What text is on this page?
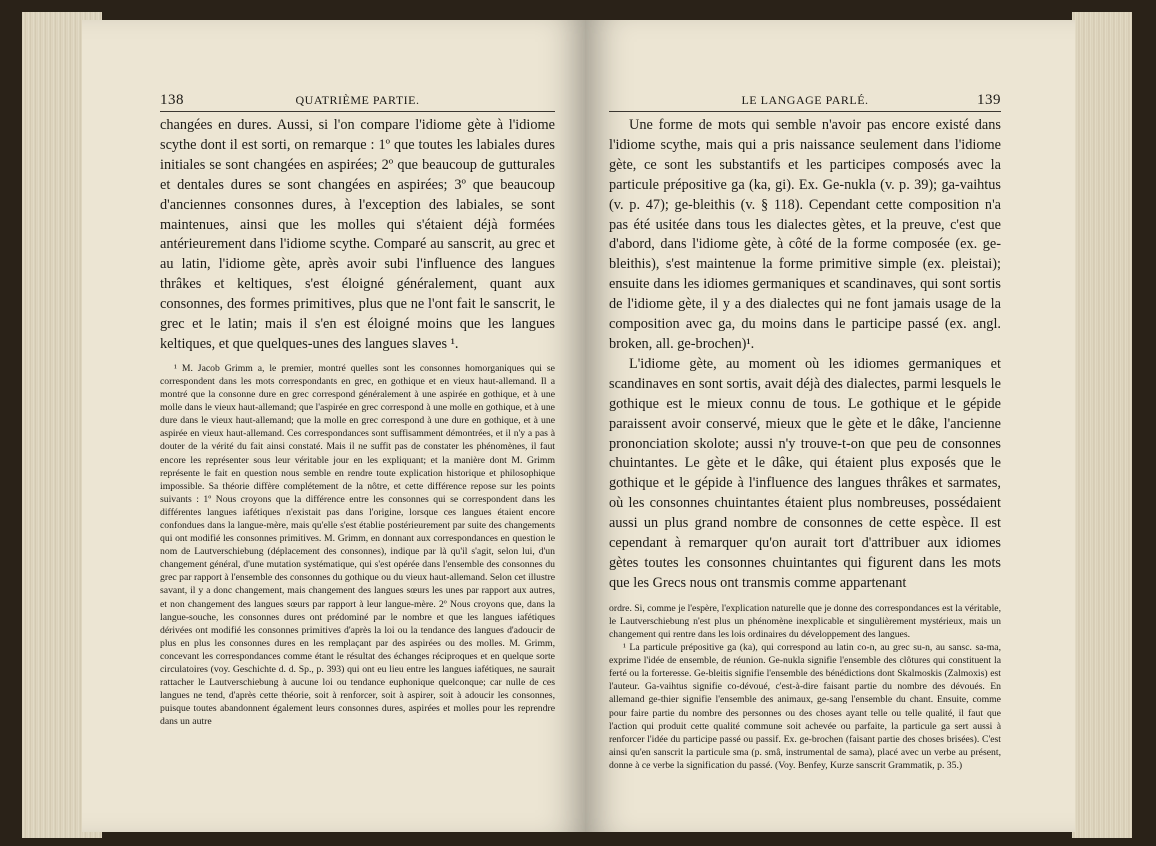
138	QUATRIÈME PARTIE.

changées en dures. Aussi, si l'on compare l'idiome gète à l'idiome scythe dont il est sorti, on remarque : 1º que toutes les labiales dures initiales se sont changées en aspirées; 2º que beaucoup de gutturales et dentales dures se sont changées en aspirées; 3º que beaucoup d'anciennes consonnes dures, à l'exception des labiales, se sont maintenues, ainsi que les molles qui s'étaient déjà formées antérieurement dans l'idiome scythe. Comparé au sanscrit, au grec et au latin, l'idiome gète, après avoir subi l'influence des langues thrâkes et keltiques, s'est éloigné généralement, quant aux consonnes, des formes primitives, plus que ne l'ont fait le sanscrit, le grec et le latin; mais il s'en est éloigné moins que les langues keltiques, et que quelques-unes des langues slaves ¹.

¹ M. Jacob Grimm a, le premier, montré quelles sont les consonnes homorganiques qui se correspondent dans les mots correspondants en grec, en gothique et en vieux haut-allemand. Il a montré que la consonne dure en grec correspond généralement à une aspirée en gothique, et à une molle dans le vieux haut-allemand; que l'aspirée en grec correspond à une molle en gothique, et à une dure dans le vieux haut-allemand; que la molle en grec correspond à une dure en gothique, et à une aspirée en vieux haut-allemand. Ces correspondances sont suffisamment démontrées, et il n'y a pas à douter de la vérité du fait ainsi constaté. Mais il ne suffit pas de constater les phénomènes, il faut encore les représenter sous leur véritable jour en les expliquant; et la manière dont M. Grimm représente le fait en question nous semble en rendre toute explication historique et philosophique impossible. Sa théorie diffère complétement de la nôtre, et cette différence repose sur les points suivants : 1º Nous croyons que la différence entre les consonnes qui se correspondent dans les différentes langues iafétiques n'existait pas dans l'origine, lorsque ces langues étaient encore confondues dans la langue-mère, mais qu'elle s'est établie postérieurement par suite des changements qui ont modifié les consonnes primitives. M. Grimm, en donnant aux correspondances en question le nom de Lautverschiebung (déplacement des consonnes), indique par là qu'il s'agit, selon lui, d'un changement général, d'une mutation systématique, qui s'est opérée dans l'ensemble des consonnes du grec par rapport à l'ensemble des consonnes du gothique ou du vieux haut-allemand. Selon cet illustre savant, il y a donc changement, mais changement des langues sœurs les unes par rapport aux autres, et non changement des langues sœurs par rapport à leur langue-mère. 2º Nous croyons que, dans la langue-souche, les consonnes dures ont prédominé par le nombre et que les langues iafétiques dérivées ont modifié les consonnes primitives d'après la loi ou la tendance des langues d'adoucir de plus en plus les consonnes dures en les remplaçant par des aspirées ou des molles. M. Grimm, concevant les correspondances comme étant le résultat des échanges réciproques et en quelque sorte circulatoires (voy. Geschichte d. d. Sp., p. 393) qui ont eu lieu entre les langues iafétiques, ne saurait rattacher le Lautverschiebung à aucune loi ou tendance euphonique quelconque; car nulle de ces langues ne tend, d'après cette théorie, soit à renforcer, soit à aspirer, soit à adoucir les consonnes, puisque toutes abandonnent également leurs consonnes dures, aspirées et molles pour les reprendre dans un autre

LE LANGAGE PARLÉ.	139

Une forme de mots qui semble n'avoir pas encore existé dans l'idiome scythe, mais qui a pris naissance seulement dans l'idiome gète, ce sont les substantifs et les participes composés avec la particule prépositive ga (ka, gi). Ex. Ge-nukla (v. p. 39); ga-vaihtus (v. p. 47); ge-bleithis (v. § 118). Cependant cette composition n'a pas été usitée dans tous les dialectes gètes, et la preuve, c'est que d'abord, dans l'idiome gète, à côté de la forme composée (ex. ge-bleithis), s'est maintenue la forme primitive simple (ex. pleistai); ensuite dans les idiomes germaniques et scandinaves, qui sont sortis de l'idiome gète, il y a des dialectes qui ne font jamais usage de la composition avec ga, du moins dans le participe passé (ex. angl. broken, all. ge-brochen)¹.

L'idiome gète, au moment où les idiomes germaniques et scandinaves en sont sortis, avait déjà des dialectes, parmi lesquels le gothique est le mieux connu de tous. Le gothique et le gépide paraissent avoir conservé, mieux que le gète et le dâke, l'ancienne prononciation skolote; aussi n'y trouve-t-on que peu de consonnes chuintantes. Le gète et le dâke, qui étaient plus exposés que le gothique et le gépide à l'influence des langues thrâkes et sarmates, où les consonnes chuintantes étaient plus nombreuses, possédaient aussi un plus grand nombre de consonnes de cette espèce. Il est cependant à remarquer qu'on aurait tort d'attribuer aux idiomes gètes toutes les consonnes chuintantes qui figurent dans les mots que les Grecs nous ont transmis comme appartenant

ordre. Si, comme je l'espère, l'explication naturelle que je donne des correspondances est la véritable, le Lautverschiebung n'est plus un phénomène inexplicable et singulièrement mystérieux, mais un changement qui rentre dans les lois ordinaires du développement des langues.

¹ La particule prépositive ga (ka), qui correspond au latin co-n, au grec su-n, au sansc. sa-ma, exprime l'idée de ensemble, de réunion. Ge-nukla signifie l'ensemble des clôtures qui constituent la ferté ou la forteresse. Ge-bleitis signifie l'ensemble des bénédictions dont Skalmoskis (Zalmoxis) est l'auteur. Ga-vaihtus signifie co-dévoué, c'est-à-dire faisant partie du nombre des dévoués. En allemand ge-thier signifie l'ensemble des animaux, ge-sang l'ensemble du chant. Ensuite, comme pour faire partie du nombre des personnes ou des choses ayant telle ou telle qualité, il faut que l'action qui produit cette qualité commune soit achevée ou parfaite, la particule ga sert aussi à renforcer l'idée du participe passé ou passif. Ex. ge-brochen (faisant partie des choses brisées). C'est ainsi qu'en sanscrit la particule sma (p. smâ, instrumental de sama), placé avec un verbe au présent, donne à ce verbe la signification du passé. (Voy. Benfey, Kurze sanscrit Grammatik, p. 35.)
